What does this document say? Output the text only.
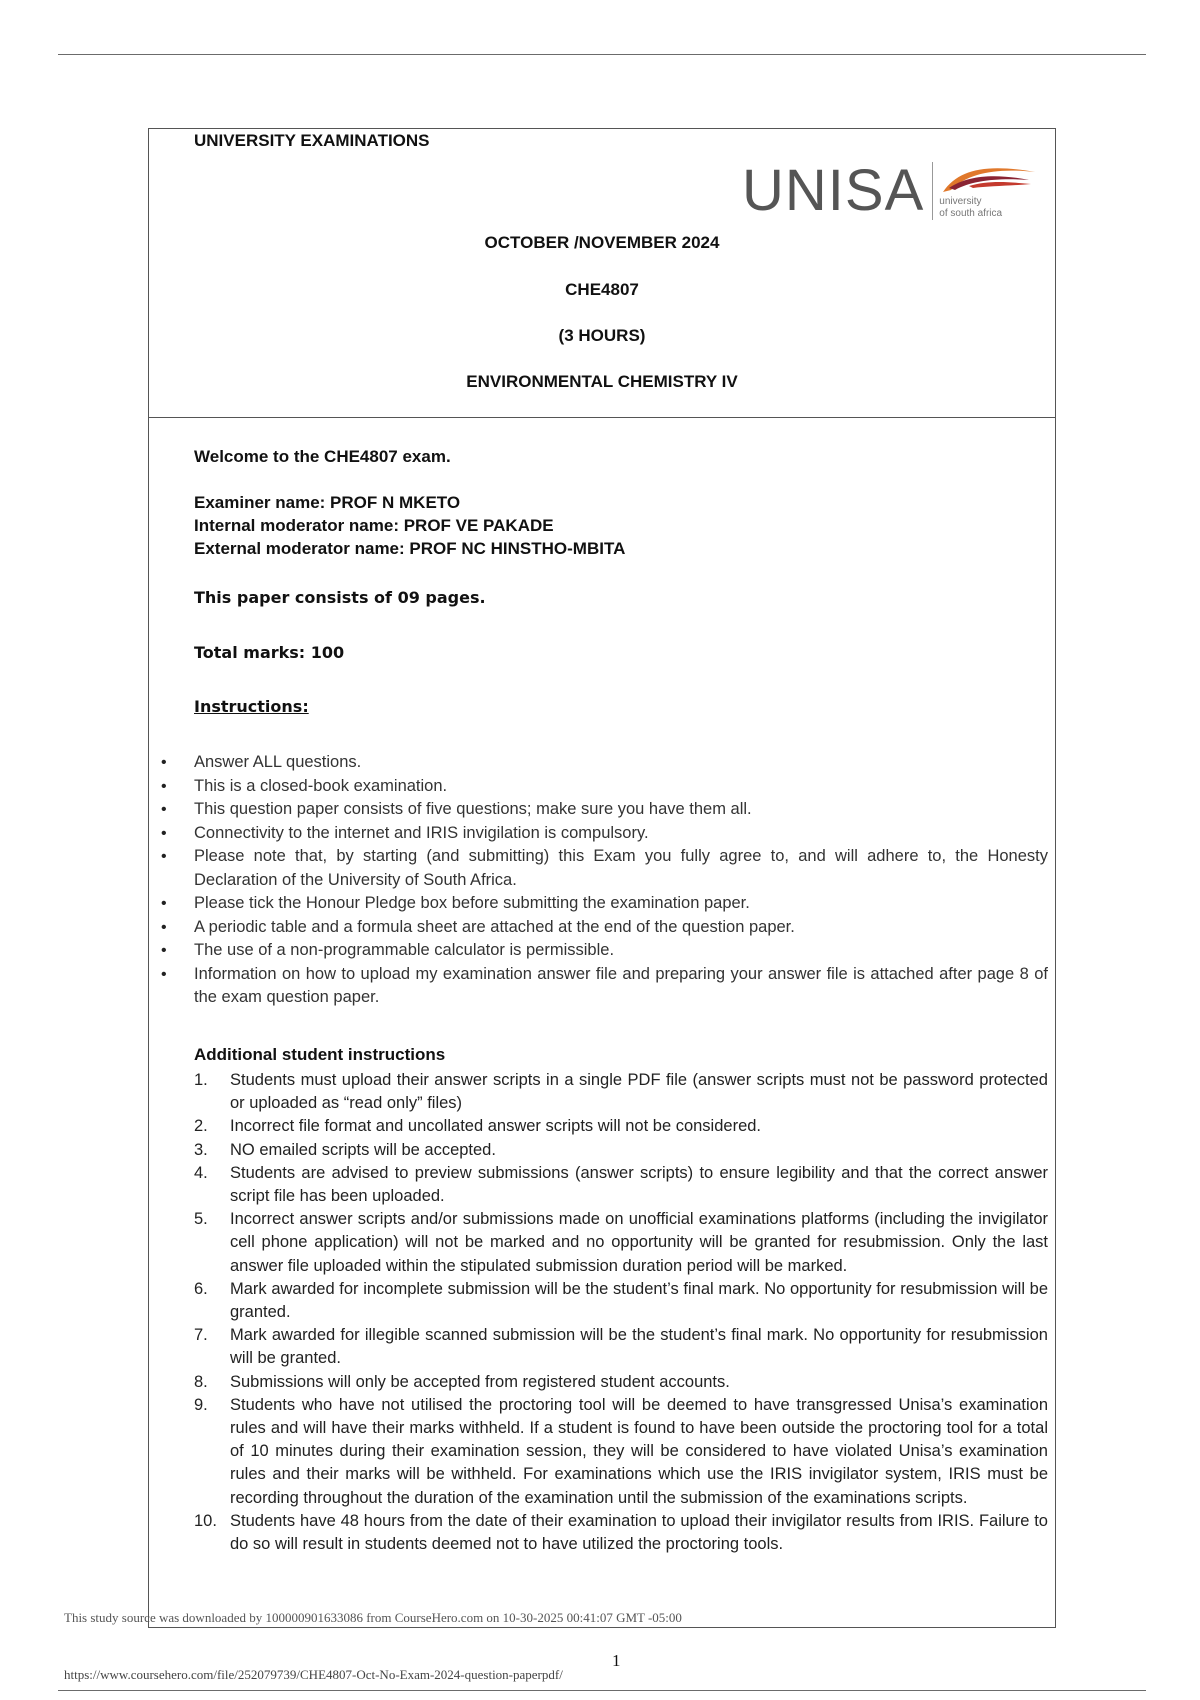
UNIVERSITY EXAMINATIONS
UNISA university
of south africa
OCTOBER /NOVEMBER 2024
CHE4807
(3 HOURS)
ENVIRONMENTAL CHEMISTRY IV
Welcome to the CHE4807 exam.
Examiner name: PROF N MKETO
Internal moderator name: PROF VE PAKADE
External moderator name: PROF NC HINSTHO-MBITA
This paper consists of 09 pages.
Total marks: 100
Instructions:
• Answer ALL questions.
• This is a closed-book examination.
• This question paper consists of five questions; make sure you have them all.
• Connectivity to the internet and IRIS invigilation is compulsory.
• Please note that, by starting (and submitting) this Exam you fully agree to, and will adhere to, the Honesty Declaration of the University of South Africa.
• Please tick the Honour Pledge box before submitting the examination paper.
• A periodic table and a formula sheet are attached at the end of the question paper.
• The use of a non-programmable calculator is permissible.
• Information on how to upload my examination answer file and preparing your answer file is attached after page 8 of the exam question paper.
Additional student instructions
1. Students must upload their answer scripts in a single PDF file (answer scripts must not be password protected or uploaded as “read only” files)
2. Incorrect file format and uncollated answer scripts will not be considered.
3. NO emailed scripts will be accepted.
4. Students are advised to preview submissions (answer scripts) to ensure legibility and that the correct answer script file has been uploaded.
5. Incorrect answer scripts and/or submissions made on unofficial examinations platforms (including the invigilator cell phone application) will not be marked and no opportunity will be granted for resubmission. Only the last answer file uploaded within the stipulated submission duration period will be marked.
6. Mark awarded for incomplete submission will be the student’s final mark. No opportunity for resubmission will be granted.
7. Mark awarded for illegible scanned submission will be the student’s final mark. No opportunity for resubmission will be granted.
8. Submissions will only be accepted from registered student accounts.
9. Students who have not utilised the proctoring tool will be deemed to have transgressed Unisa’s examination rules and will have their marks withheld. If a student is found to have been outside the proctoring tool for a total of 10 minutes during their examination session, they will be considered to have violated Unisa’s examination rules and their marks will be withheld. For examinations which use the IRIS invigilator system, IRIS must be recording throughout the duration of the examination until the submission of the examinations scripts.
10. Students have 48 hours from the date of their examination to upload their invigilator results from IRIS. Failure to do so will result in students deemed not to have utilized the proctoring tools.
This study source was downloaded by 100000901633086 from CourseHero.com on 10-30-2025 00:41:07 GMT -05:00
1
https://www.coursehero.com/file/252079739/CHE4807-Oct-No-Exam-2024-question-paperpdf/
